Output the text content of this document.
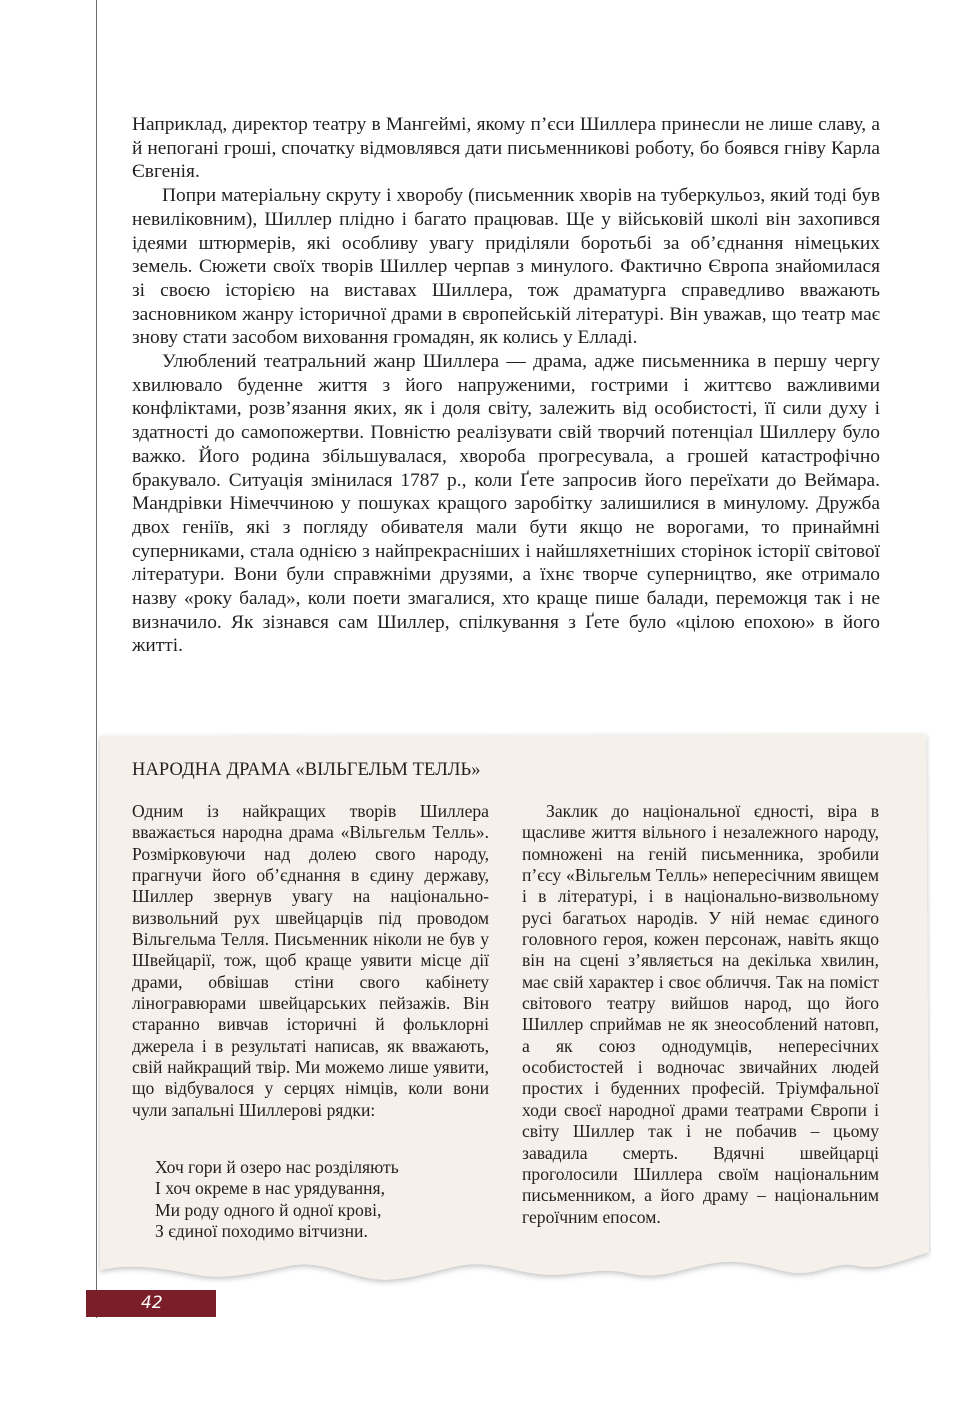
Наприклад, директор театру в Мангеймі, якому п’єси Шиллера принесли не лише славу, а й непогані гроші, спочатку відмовлявся дати письменникові роботу, бо боявся гніву Карла Євгенія.

Попри матеріальну скруту і хворобу (письменник хворів на туберкульоз, який тоді був невиліковним), Шиллер плідно і багато працював. Ще у військовій школі він захопився ідеями штюрмерів, які особливу увагу приділяли боротьбі за об’єднання німецьких земель. Сюжети своїх творів Шиллер черпав з минулого. Фактично Європа знайомилася зі своєю історією на виставах Шиллера, тож драматурга справедливо вважають засновником жанру історичної драми в європейській літературі. Він уважав, що театр має знову стати засобом виховання громадян, як колись у Елладі.

Улюблений театральний жанр Шиллера — драма, адже письменника в першу чергу хвилювало буденне життя з його напруженими, гострими і життєво важливими конфліктами, розв’язання яких, як і доля світу, залежить від особистості, її сили духу і здатності до самопожертви. Повністю реалізувати свій творчий потенціал Шиллеру було важко. Його родина збільшувалася, хвороба прогресувала, а грошей катастрофічно бракувало. Ситуація змінилася 1787 р., коли Ґете запросив його переїхати до Веймара. Мандрівки Німеччиною у пошуках кращого заробітку залишилися в минулому. Дружба двох геніїв, які з погляду обивателя мали бути якщо не ворогами, то принаймні суперниками, стала однією з найпрекрасніших і найшляхетніших сторінок історії світової літератури. Вони були справжніми друзями, а їхнє творче суперництво, яке отримало назву «року балад», коли поети змагалися, хто краще пише балади, переможця так і не визначило. Як зізнався сам Шиллер, спілкування з Ґете було «цілою епохою» в його житті.

НАРОДНА ДРАМА «ВІЛЬГЕЛЬМ ТЕЛЛЬ»

Одним із найкращих творів Шиллера вважається народна драма «Вільгельм Телль». Розмірковуючи над долею свого народу, прагнучи його об’єднання в єдину державу, Шиллер звернув увагу на національно-визвольний рух швейцарців під проводом Вільгельма Телля. Письменник ніколи не був у Швейцарії, тож, щоб краще уявити місце дії драми, обвішав стіни свого кабінету ліногравюрами швейцарських пейзажів. Він старанно вивчав історичні й фольклорні джерела і в результаті написав, як вважають, свій найкращий твір. Ми можемо лише уявити, що відбувалося у серцях німців, коли вони чули запальні Шиллерові рядки:

Хоч гори й озеро нас розділяють
І хоч окреме в нас урядування,
Ми роду одного й одної крові,
З єдиної походимо вітчизни.

Заклик до національної єдності, віра в щасливе життя вільного і незалежного народу, помножені на геній письменника, зробили п’єсу «Вільгельм Телль» непересічним явищем і в літературі, і в національно-визвольному русі багатьох народів. У ній немає єдиного головного героя, кожен персонаж, навіть якщо він на сцені з’являється на декілька хвилин, має свій характер і своє обличчя. Так на поміст світового театру вийшов народ, що його Шиллер сприймав не як знеособлений натовп, а як союз однодумців, непересічних особистостей і водночас звичайних людей простих і буденних професій. Тріумфальної ходи своєї народної драми театрами Європи і світу Шиллер так і не побачив – цьому завадила смерть. Вдячні швейцарці проголосили Шиллера своїм національним письменником, а його драму – національним героїчним епосом.

42
